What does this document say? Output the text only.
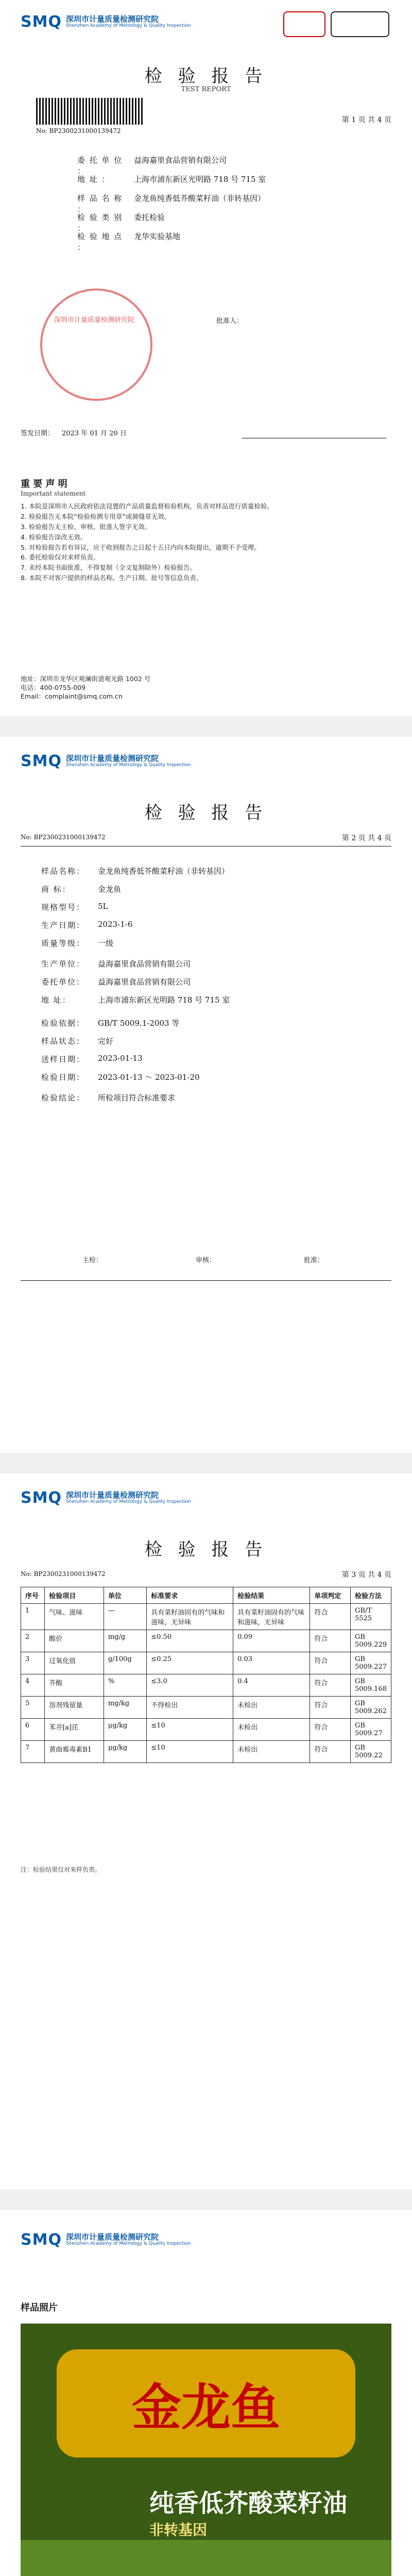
SMQ 深圳市计量质量检测研究院
Shenzhen Academy of Metrology & Quality Inspection
检 验 报 告
TEST REPORT
No: BP2300231000139472
第 1 页 共 4 页
委 托 单 位 ：
益海嘉里食品营销有限公司
地 址 ：	上海市浦东新区光明路 718 号 715 室
样 品 名 称 ：
金龙鱼纯香低芥酸菜籽油（非转基因）
检 验 类 别 ：
委托检验
检 验 地 点 ：
龙华实验基地
深圳市计量质量检测研究院	批准人：
签发日期： 2023 年 01 月 20 日
重 要 声 明
Important statement

1. 本院是深圳市人民政府依法设置的产品质量监督检验机构，负责对样品进行质量检验。

2. 检验报告无本院“检验检测专用章”或骑缝章无效。

3. 检验报告无主检、审核、批准人签字无效。

4. 检验报告涂改无效。

5. 对检验报告若有异议，应于收到报告之日起十五日内向本院提出，逾期不予受理。

6. 委托检验仅对来样负责。

7. 未经本院书面批准，不得复制（全文复制除外）检验报告。

8. 本院不对客户提供的样品名称、生产日期、批号等信息负责。

地址：深圳市龙华区观澜街道观光路 1002 号
电话：400-0755-009
Email：complaint@smq.com.cn
SMQ 深圳市计量质量检测研究院
Shenzhen Academy of Metrology & Quality Inspection
检 验 报 告
No: BP2300231000139472	第 2 页 共 4 页
样品名称：	金龙鱼纯香低芥酸菜籽油（非转基因）
商 标：	金龙鱼
规格型号：	5L
生产日期：	2023-1-6
质量等级：	一级
生产单位：	益海嘉里食品营销有限公司
委托单位：	益海嘉里食品营销有限公司
地 址：	上海市浦东新区光明路 718 号 715 室
检验依据：	GB/T 5009.1-2003 等
样品状态：	完好
送样日期：	2023-01-13
检验日期：	2023-01-13 ～ 2023-01-20
检验结论：	所检项目符合标准要求
主检：	审核：	批准：
SMQ 深圳市计量质量检测研究院
Shenzhen Academy of Metrology & Quality Inspection
检 验 报 告
No: BP2300231000139472	第 3 页 共 4 页
序号	检验项目	单位	标准要求	检验结果	单项判定	检验方法
1	气味、滋味	—	具有菜籽油固有的气味和滋味，无异味	具有菜籽油固有的气味和滋味，无异味	符合	GB/T 5525
2	酸价	mg/g	≤0.50	0.09	符合	GB 5009.229
3	过氧化值	g/100g	≤0.25	0.03	符合	GB 5009.227
4	芥酸	%	≤3.0	0.4	符合	GB 5009.168
5	溶剂残留量	mg/kg	不得检出	未检出	符合	GB 5009.262
6	苯并[a]芘	μg/kg	≤10	未检出	符合	GB 5009.27
7	黄曲霉毒素B1	μg/kg	≤10	未检出	符合	GB 5009.22
注：检验结果仅对来样负责。
SMQ 深圳市计量质量检测研究院
Shenzhen Academy of Metrology & Quality Inspection
样品照片
金龙鱼
纯香低芥酸菜籽油
非转基因
